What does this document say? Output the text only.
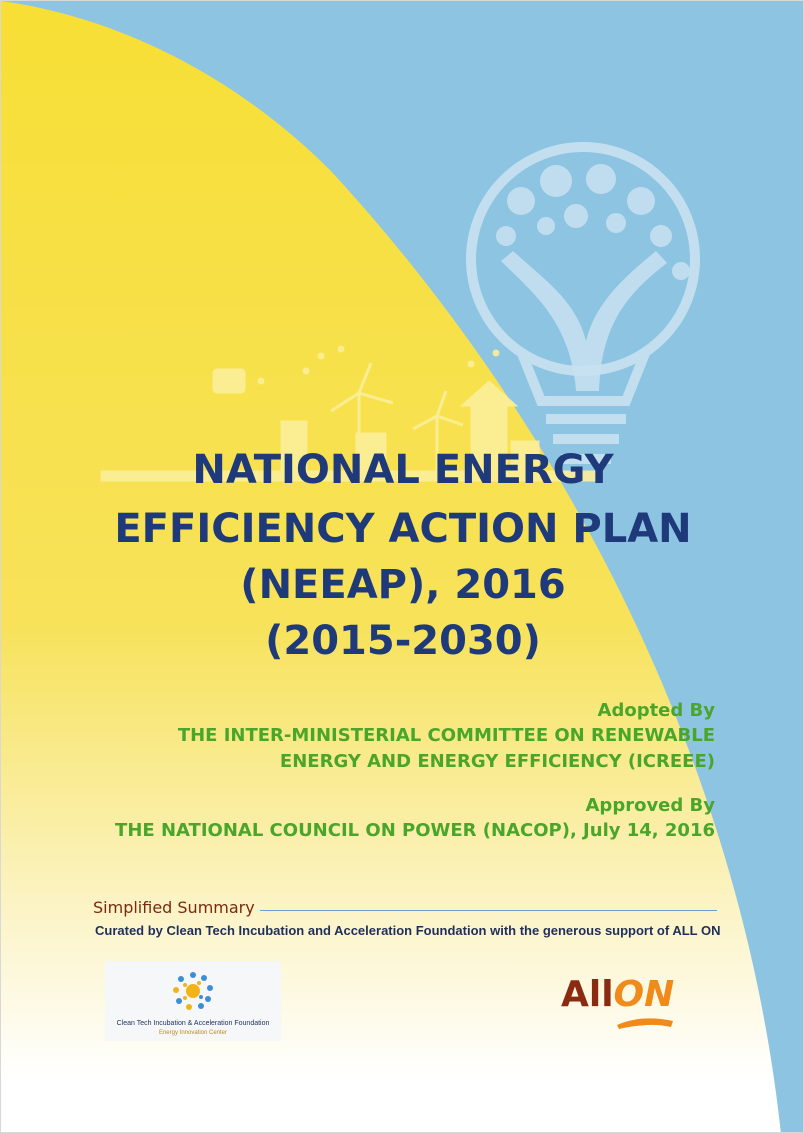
NATIONAL ENERGY
EFFICIENCY ACTION PLAN
(NEEAP), 2016
(2015-2030)
Adopted By
THE INTER-MINISTERIAL COMMITTEE ON RENEWABLE
ENERGY AND ENERGY EFFICIENCY (ICREEE)
Approved By
THE NATIONAL COUNCIL ON POWER (NACOP), July 14, 2016
Simplified Summary
Curated by Clean Tech Incubation and Acceleration Foundation with the generous support of ALL ON
Clean Tech Incubation & Acceleration Foundation
Energy Innovation Center
AllON
